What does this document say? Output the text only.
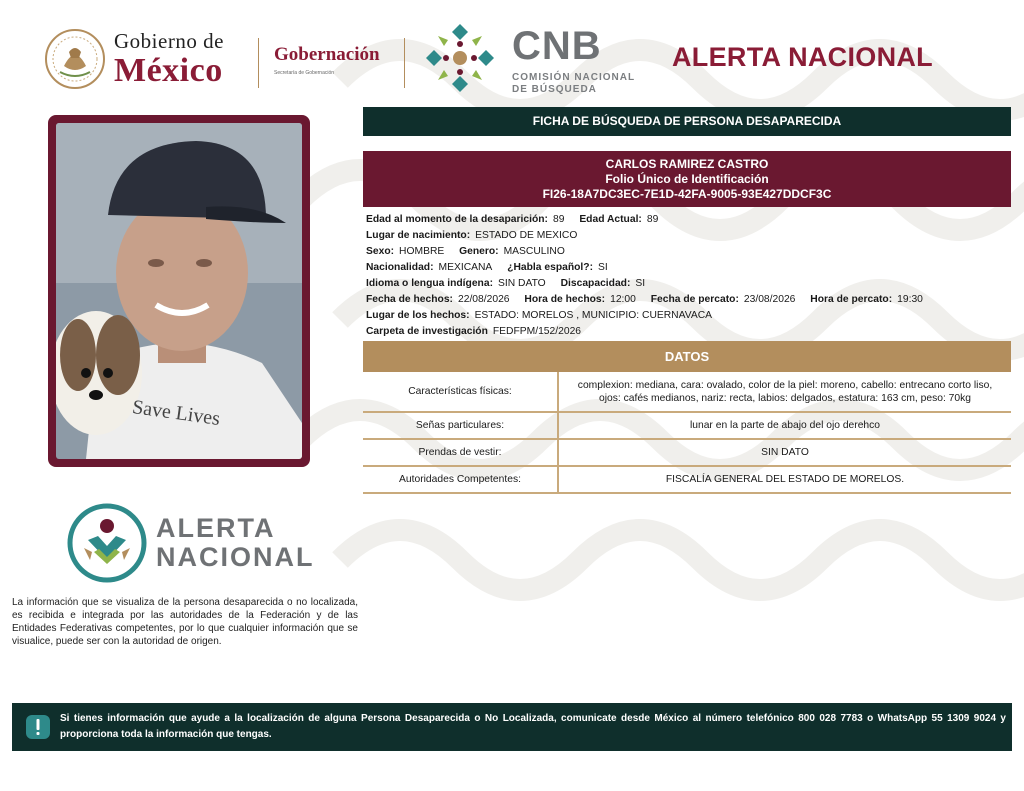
Gobierno de
México	Gobernación
Secretaría de Gobernación
CNB
COMISIÓN NACIONAL
DE BÚSQUEDA
ALERTA NACIONAL
Save Lives
FICHA DE BÚSQUEDA DE PERSONA DESAPARECIDA
CARLOS RAMIREZ CASTRO
Folio Único de Identificación
FI26-18A7DC3EC-7E1D-42FA-9005-93E427DDCF3C
Edad al momento de la desaparición: 89 Edad Actual: 89
Lugar de nacimiento: ESTADO DE MEXICO
Sexo: HOMBRE Genero: MASCULINO
Nacionalidad: MEXICANA ¿Habla español?: SI
Idioma o lengua indígena: SIN DATO Discapacidad: SI
Fecha de hechos: 22/08/2026 Hora de hechos: 12:00 Fecha de percato: 23/08/2026 Hora de percato: 19:30
Lugar de los hechos: ESTADO: MORELOS , MUNICIPIO: CUERNAVACA
Carpeta de investigación FEDFPM/152/2026
DATOS
Características físicas:	complexion: mediana, cara: ovalado, color de la piel: moreno, cabello: entrecano corto liso,
ojos: cafés medianos, nariz: recta, labios: delgados, estatura: 163 cm, peso: 70kg

Señas particulares:	lunar en la parte de abajo del ojo derehco
Prendas de vestir:	SIN DATO
Autoridades Competentes:	FISCALÍA GENERAL DEL ESTADO DE MORELOS.
ALERTA
NACIONAL
La información que se visualiza de la persona desaparecida o no localizada, es recibida e integrada por las autoridades de la Federación y de las Entidades Federativas competentes, por lo que cualquier información que se visualice, puede ser con la autoridad de origen.
Si tienes información que ayude a la localización de alguna Persona Desaparecida o No Localizada, comunicate desde México al número telefónico 800 028 7783 o WhatsApp 55 1309 9024 y proporciona toda la información que tengas.
